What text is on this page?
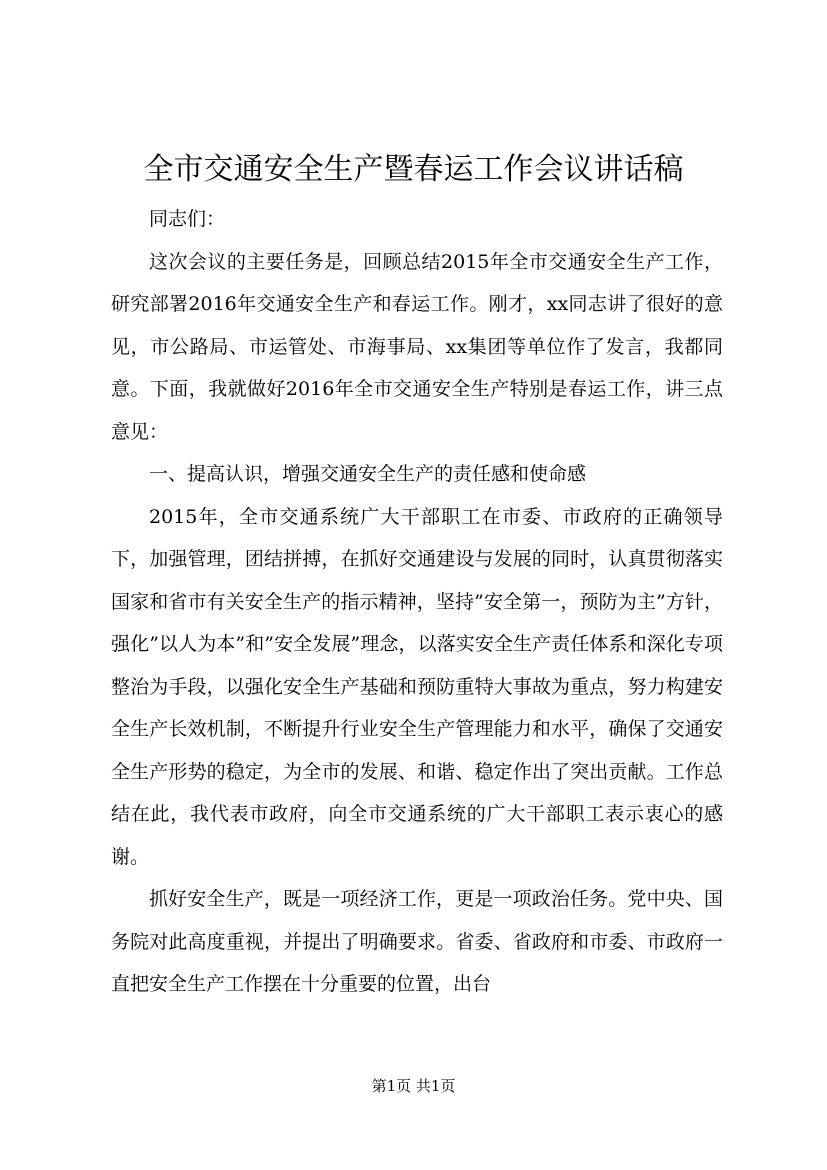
全市交通安全生产暨春运工作会议讲话稿

同志们：

这次会议的主要任务是，回顾总结2015年全市交通安全生产工作，研究部署2016年交通安全生产和春运工作。刚才，xx同志讲了很好的意见，市公路局、市运管处、市海事局、xx集团等单位作了发言，我都同意。下面，我就做好2016年全市交通安全生产特别是春运工作，讲三点意见：

一、提高认识，增强交通安全生产的责任感和使命感

2015年，全市交通系统广大干部职工在市委、市政府的正确领导下，加强管理，团结拼搏，在抓好交通建设与发展的同时，认真贯彻落实国家和省市有关安全生产的指示精神，坚持”安全第一，预防为主”方针，强化”以人为本”和”安全发展”理念，以落实安全生产责任体系和深化专项整治为手段，以强化安全生产基础和预防重特大事故为重点，努力构建安全生产长效机制，不断提升行业安全生产管理能力和水平，确保了交通安全生产形势的稳定，为全市的发展、和谐、稳定作出了突出贡献。工作总结在此，我代表市政府，向全市交通系统的广大干部职工表示衷心的感谢。

抓好安全生产，既是一项经济工作，更是一项政治任务。党中央、国务院对此高度重视，并提出了明确要求。省委、省政府和市委、市政府一直把安全生产工作摆在十分重要的位置，出台

第1页 共1页
